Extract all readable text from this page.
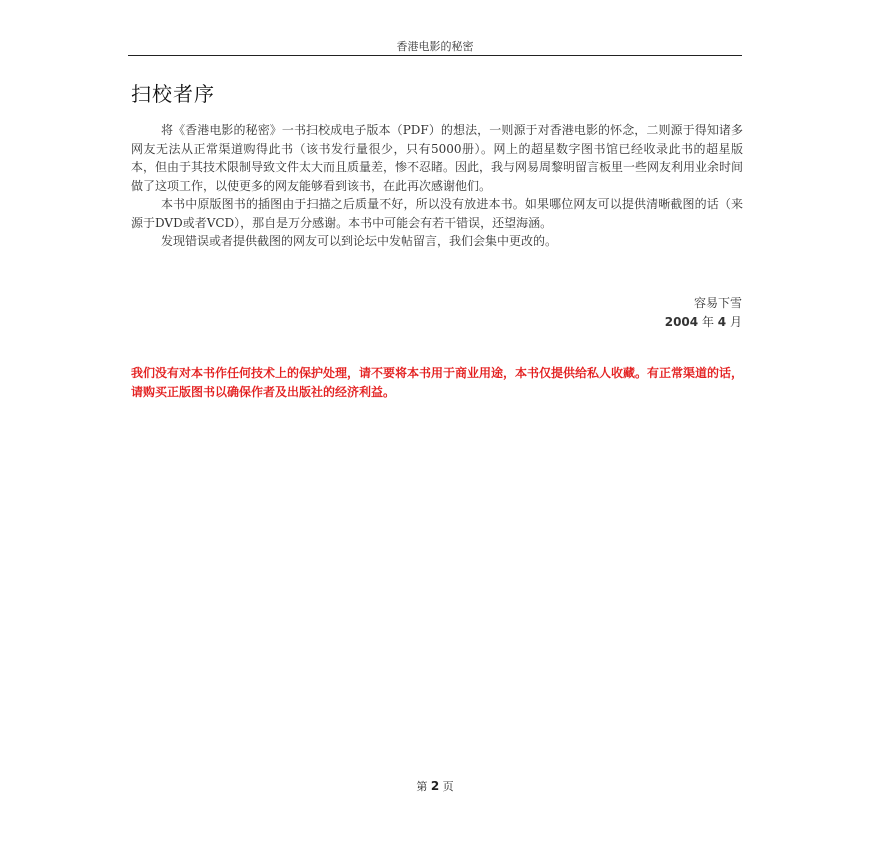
香港电影的秘密
扫校者序

将《香港电影的秘密》一书扫校成电子版本（PDF）的想法，一则源于对香港电影的怀念，二则源于得知诸多网友无法从正常渠道购得此书（该书发行量很少，只有5000册）。网上的超星数字图书馆已经收录此书的超星版本，但由于其技术限制导致文件太大而且质量差，惨不忍睹。因此，我与网易周黎明留言板里一些网友利用业余时间做了这项工作，以使更多的网友能够看到该书，在此再次感谢他们。

本书中原版图书的插图由于扫描之后质量不好，所以没有放进本书。如果哪位网友可以提供清晰截图的话（来源于DVD或者VCD），那自是万分感谢。本书中可能会有若干错误，还望海涵。

发现错误或者提供截图的网友可以到论坛中发帖留言，我们会集中更改的。

容易下雪
2004 年 4 月
我们没有对本书作任何技术上的保护处理，请不要将本书用于商业用途，本书仅提供给私人收藏。有正常渠道的话，请购买正版图书以确保作者及出版社的经济利益。
第 2 页
